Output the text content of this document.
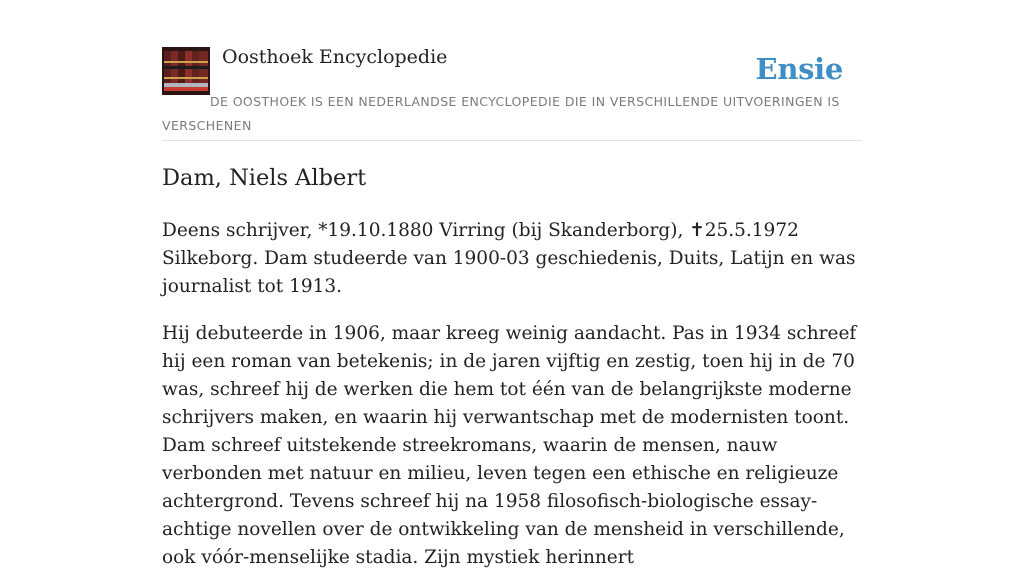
Oosthoek Encyclopedie	Ensie
DE OOSTHOEK IS EEN NEDERLANDSE ENCYCLOPEDIE DIE IN VERSCHILLENDE UITVOERINGEN IS VERSCHENEN
Dam, Niels Albert

Deens schrijver, *19.10.1880 Virring (bij Skanderborg), ✝25.5.1972 Silkeborg. Dam studeerde van 1900-03 geschiedenis, Duits, Latijn en was journalist tot 1913.

Hij debuteerde in 1906, maar kreeg weinig aandacht. Pas in 1934 schreef hij een roman van betekenis; in de jaren vijftig en zestig, toen hij in de 70 was, schreef hij de werken die hem tot één van de belangrijkste moderne schrijvers maken, en waarin hij verwantschap met de modernisten toont. Dam schreef uitstekende streekromans, waarin de mensen, nauw verbonden met natuur en milieu, leven tegen een ethische en religieuze achtergrond. Tevens schreef hij na 1958 filosofisch-biologische essay-achtige novellen over de ontwikkeling van de mensheid in verschillende, ook vóór-menselijke stadia. Zijn mystiek herinnert
